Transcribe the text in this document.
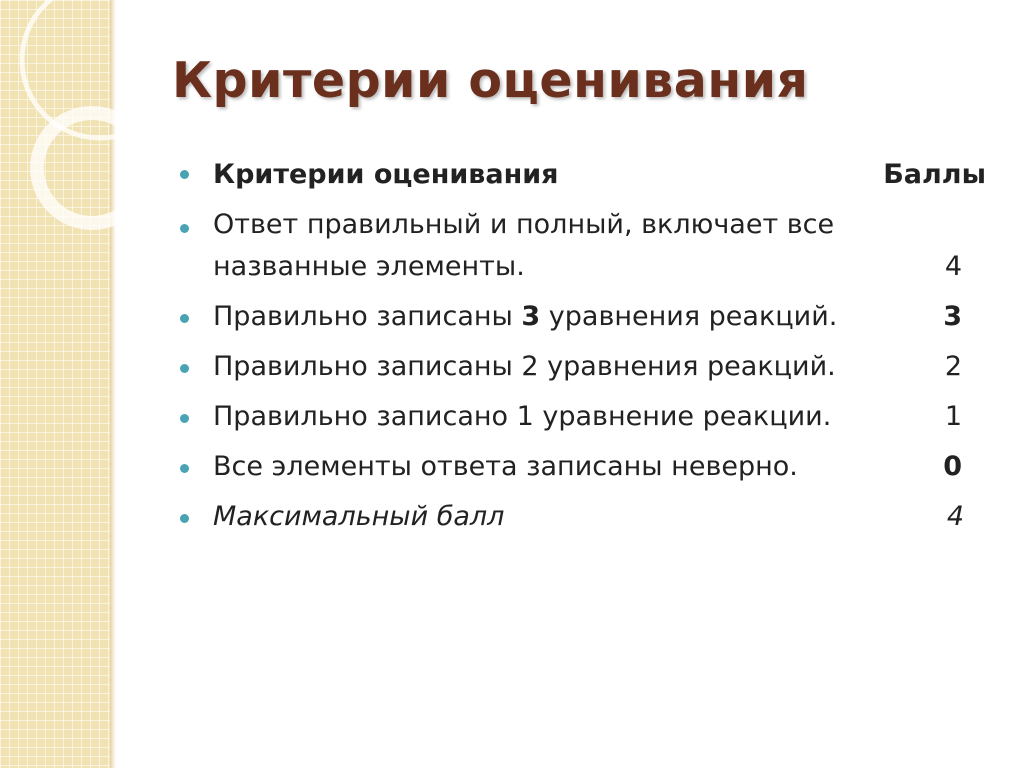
Критерии оценивания
Критерии оценивания	Баллы
Ответ правильный и полный, включает все
названные элементы.	4
Правильно записаны 3 уравнения реакций.	3
Правильно записаны 2 уравнения реакций.	2
Правильно записано 1 уравнение реакции.	1
Все элементы ответа записаны неверно.	0
Максимальный балл	4
